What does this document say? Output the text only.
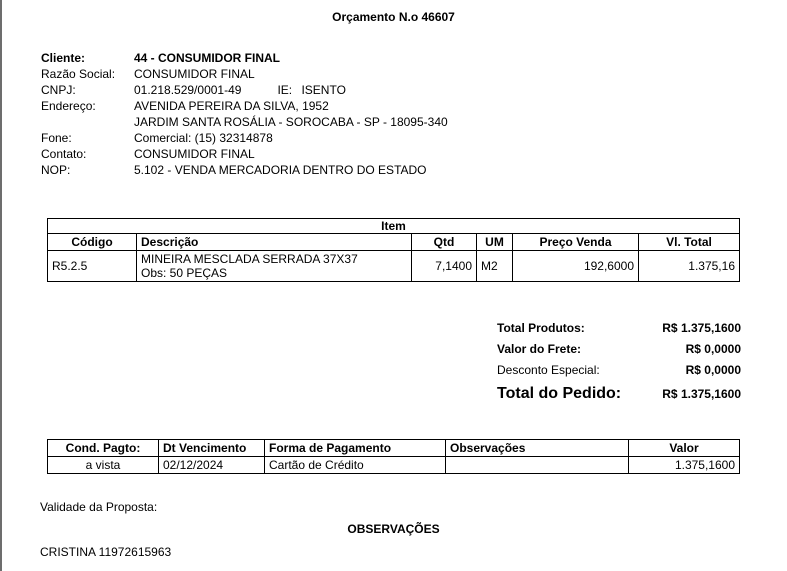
Orçamento N.o 46607
Cliente:	44 - CONSUMIDOR FINAL
Razão Social:	CONSUMIDOR FINAL
CNPJ:	01.218.529/0001-49	IE: ISENTO
Endereço:	AVENIDA PEREIRA DA SILVA, 1952
JARDIM SANTA ROSÁLIA - SOROCABA - SP - 18095-340
Fone:	Comercial: (15) 32314878
Contato:	CONSUMIDOR FINAL
NOP:	5.102 - VENDA MERCADORIA DENTRO DO ESTADO
Item					
Código	Descrição	Qtd	UM	Preço Venda	Vl. Total
R5.2.5	MINEIRA MESCLADA SERRADA 37X37
Obs: 50 PEÇAS	7,1400	M2	192,6000	1.375,16
Total Produtos:	R$ 1.375,1600
Valor do Frete:	R$ 0,0000
Desconto Especial:	R$ 0,0000
Total do Pedido:	R$ 1.375,1600
Cond. Pagto:	Dt Vencimento	Forma de Pagamento	Observações	Valor
a vista	02/12/2024	Cartão de Crédito		1.375,1600
Validade da Proposta:
OBSERVAÇÕES
CRISTINA 11972615963
